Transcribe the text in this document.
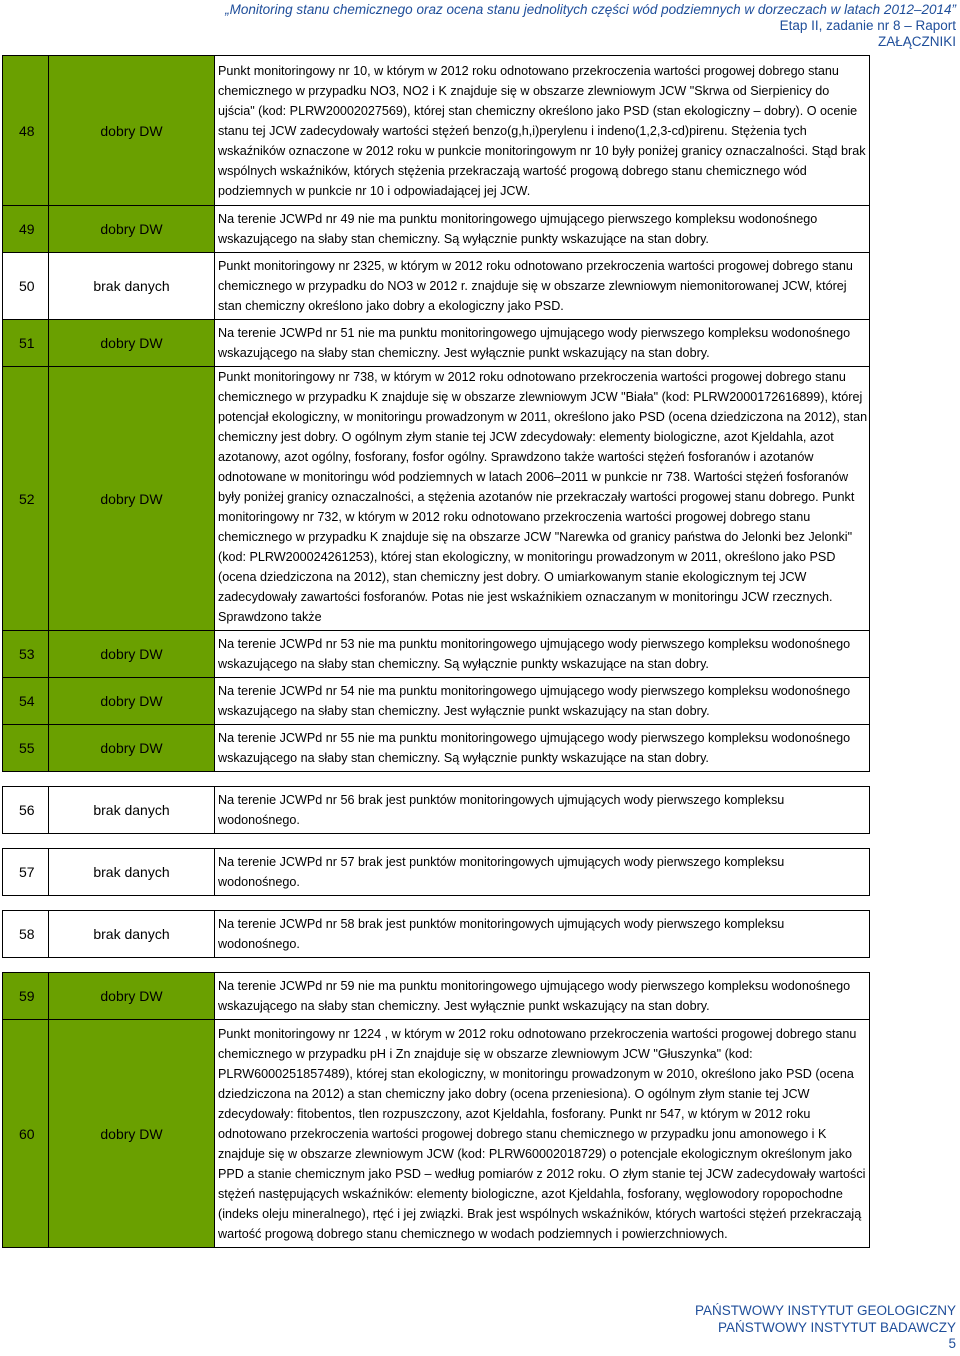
„Monitoring stanu chemicznego oraz ocena stanu jednolitych części wód podziemnych w dorzeczach w latach 2012–2014”
Etap II, zadanie nr 8 – Raport
ZAŁĄCZNIKI
48	dobry DW	Punkt monitoringowy nr 10, w którym w 2012 roku odnotowano przekroczenia wartości progowej dobrego stanu chemicznego w przypadku NO3, NO2 i K znajduje się w obszarze zlewniowym JCW "Skrwa od Sierpienicy do ujścia" (kod: PLRW20002027569), której stan chemiczny określono jako PSD (stan ekologiczny – dobry). O ocenie stanu tej JCW zadecydowały wartości stężeń benzo(g,h,i)perylenu i indeno(1,2,3-cd)pirenu. Stężenia tych wskaźników oznaczone w 2012 roku w punkcie monitoringowym nr 10 były poniżej granicy oznaczalności. Stąd brak wspólnych wskaźników, których stężenia przekraczają wartość progową dobrego stanu chemicznego wód podziemnych w punkcie nr 10 i odpowiadającej jej JCW.
49	dobry DW	Na terenie JCWPd nr 49 nie ma punktu monitoringowego ujmującego pierwszego kompleksu wodonośnego wskazującego na słaby stan chemiczny. Są wyłącznie punkty wskazujące na stan dobry.
50	brak danych	Punkt monitoringowy nr 2325, w którym w 2012 roku odnotowano przekroczenia wartości progowej dobrego stanu chemicznego w przypadku do NO3 w 2012 r. znajduje się w obszarze zlewniowym niemonitorowanej JCW, której stan chemiczny określono jako dobry a ekologiczny jako PSD.
51	dobry DW	Na terenie JCWPd nr 51 nie ma punktu monitoringowego ujmującego wody pierwszego kompleksu wodonośnego wskazującego na słaby stan chemiczny. Jest wyłącznie punkt wskazujący na stan dobry.
52	dobry DW	Punkt monitoringowy nr 738, w którym w 2012 roku odnotowano przekroczenia wartości progowej dobrego stanu chemicznego w przypadku K znajduje się w obszarze zlewniowym JCW "Biała" (kod: PLRW2000172616899), której potencjał ekologiczny, w monitoringu prowadzonym w 2011, określono jako PSD (ocena dziedziczona na 2012), stan chemiczny jest dobry. O ogólnym złym stanie tej JCW zdecydowały: elementy biologiczne, azot Kjeldahla, azot azotanowy, azot ogólny, fosforany, fosfor ogólny. Sprawdzono także wartości stężeń fosforanów i azotanów odnotowane w monitoringu wód podziemnych w latach 2006–2011 w punkcie nr 738. Wartości stężeń fosforanów były poniżej granicy oznaczalności, a stężenia azotanów nie przekraczały wartości progowej stanu dobrego. Punkt monitoringowy nr 732, w którym w 2012 roku odnotowano przekroczenia wartości progowej dobrego stanu chemicznego w przypadku K znajduje się na obszarze JCW "Narewka od granicy państwa do Jelonki bez Jelonki" (kod: PLRW200024261253), której stan ekologiczny, w monitoringu prowadzonym w 2011, określono jako PSD (ocena dziedziczona na 2012), stan chemiczny jest dobry. O umiarkowanym stanie ekologicznym tej JCW zadecydowały zawartości fosforanów. Potas nie jest wskaźnikiem oznaczanym w monitoringu JCW rzecznych. Sprawdzono także
53	dobry DW	Na terenie JCWPd nr 53 nie ma punktu monitoringowego ujmującego wody pierwszego kompleksu wodonośnego wskazującego na słaby stan chemiczny. Są wyłącznie punkty wskazujące na stan dobry.
54	dobry DW	Na terenie JCWPd nr 54 nie ma punktu monitoringowego ujmującego wody pierwszego kompleksu wodonośnego wskazującego na słaby stan chemiczny. Jest wyłącznie punkt wskazujący na stan dobry.
55	dobry DW	Na terenie JCWPd nr 55 nie ma punktu monitoringowego ujmującego wody pierwszego kompleksu wodonośnego wskazującego na słaby stan chemiczny. Są wyłącznie punkty wskazujące na stan dobry.

56	brak danych	Na terenie JCWPd nr 56 brak jest punktów monitoringowych ujmujących wody pierwszego kompleksu wodonośnego.

57	brak danych	Na terenie JCWPd nr 57 brak jest punktów monitoringowych ujmujących wody pierwszego kompleksu wodonośnego.

58	brak danych	Na terenie JCWPd nr 58 brak jest punktów monitoringowych ujmujących wody pierwszego kompleksu wodonośnego.

59	dobry DW	Na terenie JCWPd nr 59 nie ma punktu monitoringowego ujmującego wody pierwszego kompleksu wodonośnego wskazującego na słaby stan chemiczny. Jest wyłącznie punkt wskazujący na stan dobry.
60	dobry DW	Punkt monitoringowy nr 1224 , w którym w 2012 roku odnotowano przekroczenia wartości progowej dobrego stanu chemicznego w przypadku pH i Zn znajduje się w obszarze zlewniowym JCW "Głuszynka" (kod: PLRW6000251857489), której stan ekologiczny, w monitoringu prowadzonym w 2010, określono jako PSD (ocena dziedziczona na 2012) a stan chemiczny jako dobry (ocena przeniesiona). O ogólnym złym stanie tej JCW zdecydowały: fitobentos, tlen rozpuszczony, azot Kjeldahla, fosforany. Punkt nr 547, w którym w 2012 roku odnotowano przekroczenia wartości progowej dobrego stanu chemicznego w przypadku jonu amonowego i K znajduje się w obszarze zlewniowym JCW (kod: PLRW60002018729) o potencjale ekologicznym określonym jako PPD a stanie chemicznym jako PSD – według pomiarów z 2012 roku. O złym stanie tej JCW zadecydowały wartości stężeń następujących wskaźników: elementy biologiczne, azot Kjeldahla, fosforany, węglowodory ropopochodne (indeks oleju mineralnego), rtęć i jej związki. Brak jest wspólnych wskaźników, których wartości stężeń przekraczają wartość progową dobrego stanu chemicznego w wodach podziemnych i powierzchniowych.
PAŃSTWOWY INSTYTUT GEOLOGICZNY
PAŃSTWOWY INSTYTUT BADAWCZY
5
